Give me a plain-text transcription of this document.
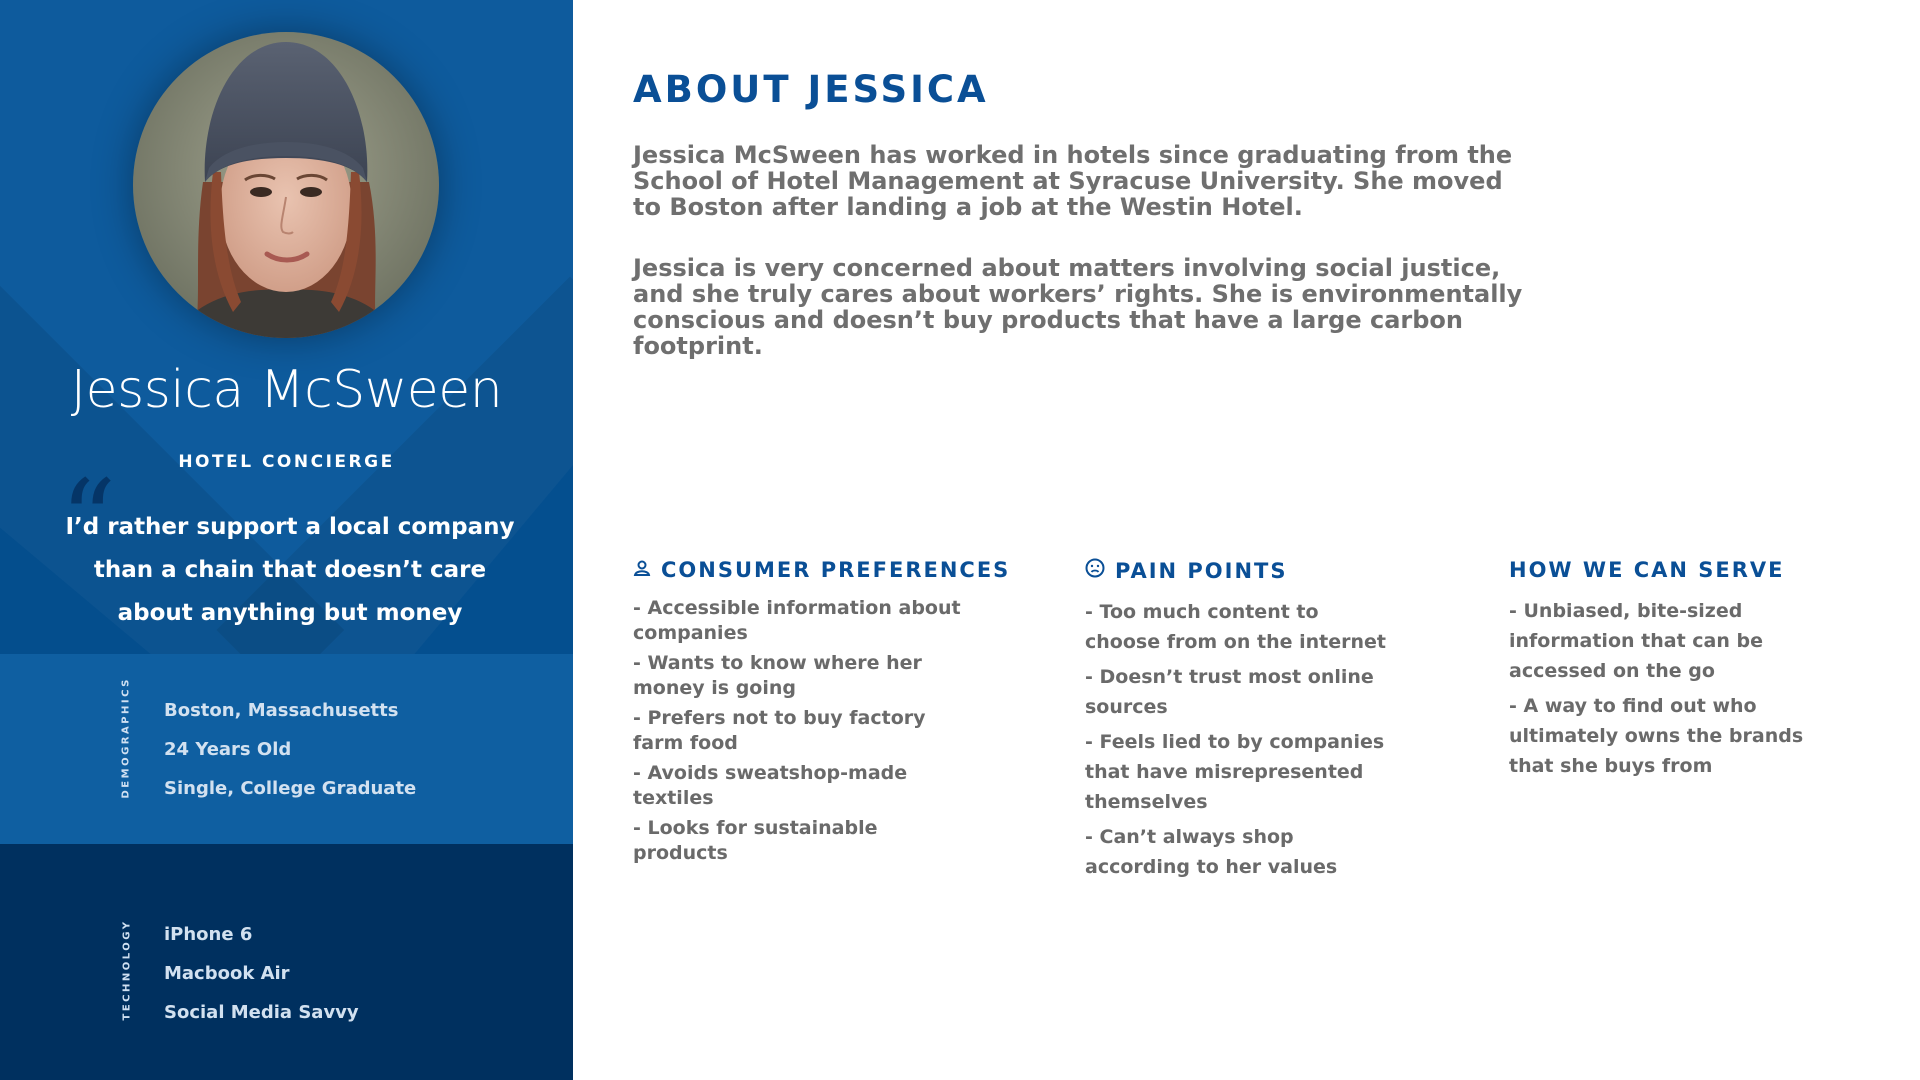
Jessica McSween
HOTEL CONCIERGE
“
I’d rather support a local company than a chain that doesn’t care about anything but money
DEMOGRAPHICS Boston, Massachusetts
24 Years Old
Single, College Graduate
TECHNOLOGY iPhone 6
Macbook Air
Social Media Savvy
ABOUT JESSICA
Jessica McSween has worked in hotels since graduating from the School of Hotel Management at Syracuse University. She moved to Boston after landing a job at the Westin Hotel.
Jessica is very concerned about matters involving social justice, and she truly cares about workers’ rights. She is environmentally conscious and doesn’t buy products that have a large carbon footprint.
CONSUMER PREFERENCES
- Accessible information about companies
- Wants to know where her money is going
- Prefers not to buy factory farm food
- Avoids sweatshop-made textiles
- Looks for sustainable products
PAIN POINTS
- Too much content to choose from on the internet
- Doesn’t trust most online sources
- Feels lied to by companies that have misrepresented themselves
- Can’t always shop according to her values
HOW WE CAN SERVE
- Unbiased, bite-sized information that can be accessed on the go
- A way to find out who ultimately owns the brands that she buys from
